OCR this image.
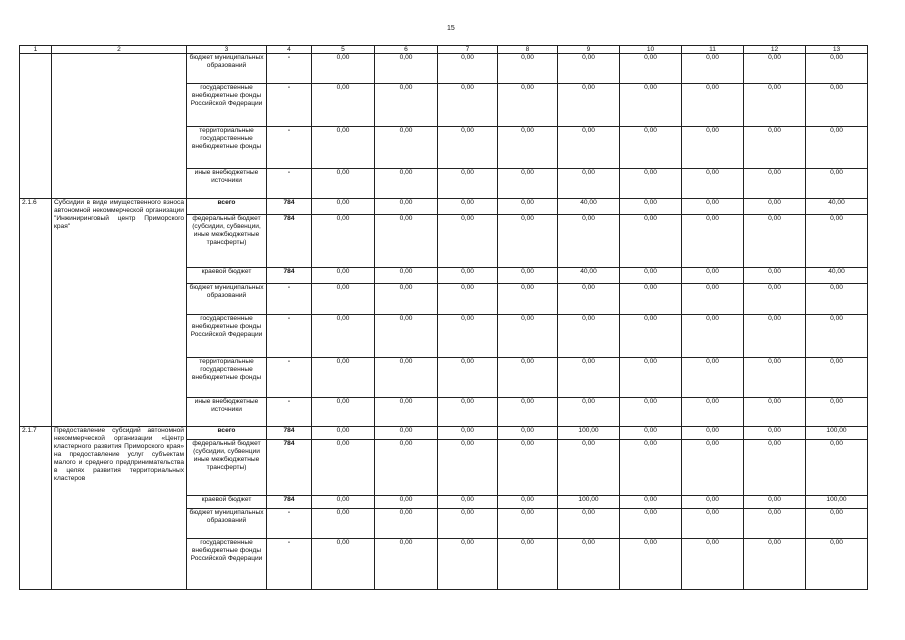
15
1	2	3	4	5	6	7	8	9	10	11	12	13
		бюджет муниципальных образований	-	0,00	0,00	0,00	0,00	0,00	0,00	0,00	0,00	0,00
		государственные внебюджетные фонды Российской Федерации	-	0,00	0,00	0,00	0,00	0,00	0,00	0,00	0,00	0,00
		территориальные государственные внебюджетные фонды	-	0,00	0,00	0,00	0,00	0,00	0,00	0,00	0,00	0,00
		иные внебюджетные источники	-	0,00	0,00	0,00	0,00	0,00	0,00	0,00	0,00	0,00
2.1.6	Субсидии в виде имущественного взноса автономной некоммерческой организации "Инжиниринговый центр Приморского края"	всего	784	0,00	0,00	0,00	0,00	40,00	0,00	0,00	0,00	40,00
		федеральный бюджет (субсидии, субвенции, иные межбюджетные трансферты)	784	0,00	0,00	0,00	0,00	0,00	0,00	0,00	0,00	0,00
		краевой бюджет	784	0,00	0,00	0,00	0,00	40,00	0,00	0,00	0,00	40,00
		бюджет муниципальных образований	-	0,00	0,00	0,00	0,00	0,00	0,00	0,00	0,00	0,00
		государственные внебюджетные фонды Российской Федерации	-	0,00	0,00	0,00	0,00	0,00	0,00	0,00	0,00	0,00
		территориальные государственные внебюджетные фонды	-	0,00	0,00	0,00	0,00	0,00	0,00	0,00	0,00	0,00
		иные внебюджетные источники	-	0,00	0,00	0,00	0,00	0,00	0,00	0,00	0,00	0,00
2.1.7	Предоставление субсидий автономной некоммерческой организации «Центр кластерного развития Приморского края» на предоставление услуг субъектам малого и среднего предпринимательства в целях развития территориальных кластеров	всего	784	0,00	0,00	0,00	0,00	100,00	0,00	0,00	0,00	100,00
		федеральный бюджет (субсидии, субвенции иные межбюджетные трансферты)	784	0,00	0,00	0,00	0,00	0,00	0,00	0,00	0,00	0,00
		краевой бюджет	784	0,00	0,00	0,00	0,00	100,00	0,00	0,00	0,00	100,00
		бюджет муниципальных образований	-	0,00	0,00	0,00	0,00	0,00	0,00	0,00	0,00	0,00
		государственные внебюджетные фонды Российской Федерации	-	0,00	0,00	0,00	0,00	0,00	0,00	0,00	0,00	0,00
